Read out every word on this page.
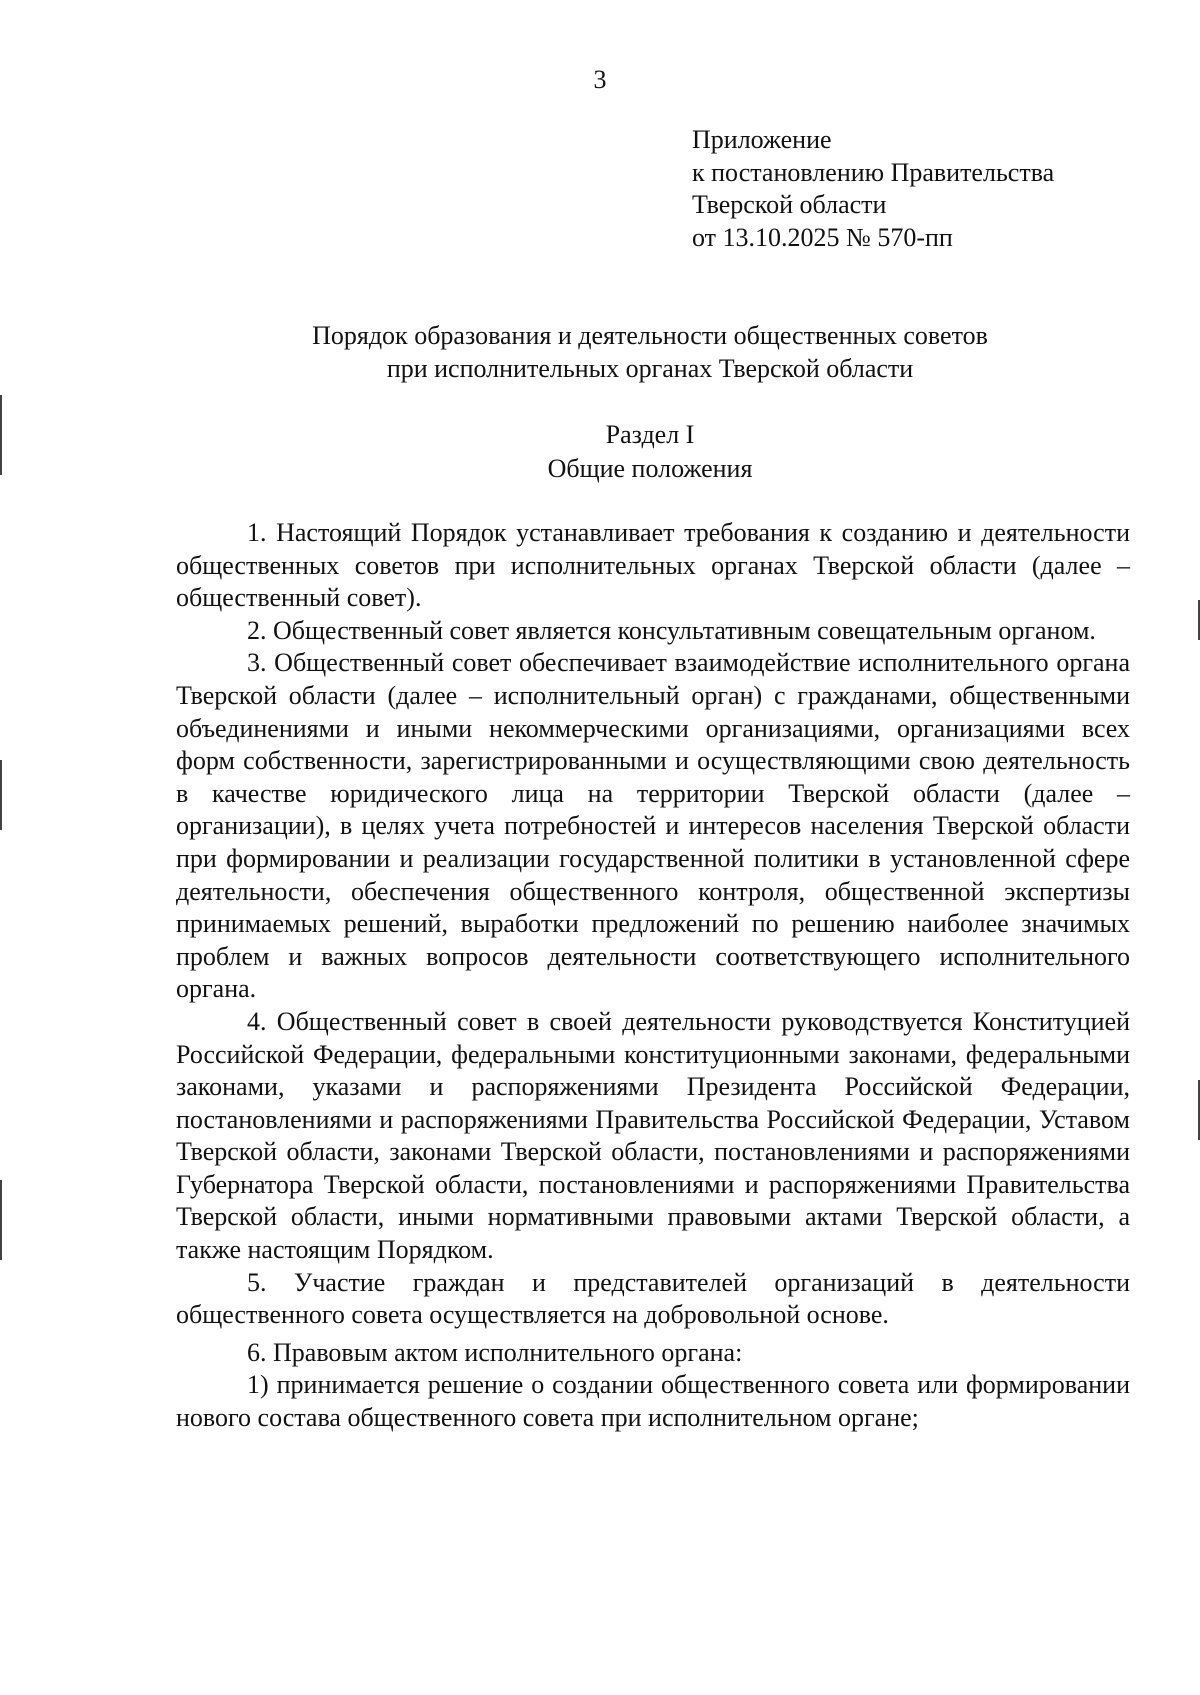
3
Приложение
к постановлению Правительства
Тверской области
от 13.10.2025 № 570-пп
Порядок образования и деятельности общественных советов
при исполнительных органах Тверской области
Раздел I
Общие положения

1. Настоящий Порядок устанавливает требования к созданию и деятельности общественных советов при исполнительных органах Тверской области (далее – общественный совет).

2. Общественный совет является консультативным совещательным органом.

3. Общественный совет обеспечивает взаимодействие исполнительного органа Тверской области (далее – исполнительный орган) с гражданами, общественными объединениями и иными некоммерческими организациями, организациями всех форм собственности, зарегистрированными и осуществляющими свою деятельность в качестве юридического лица на территории Тверской области (далее – организации), в целях учета потребностей и интересов населения Тверской области при формировании и реализации государственной политики в установленной сфере деятельности, обеспечения общественного контроля, общественной экспертизы принимаемых решений, выработки предложений по решению наиболее значимых проблем и важных вопросов деятельности соответствующего исполнительного органа.

4. Общественный совет в своей деятельности руководствуется Конституцией Российской Федерации, федеральными конституционными законами, федеральными законами, указами и распоряжениями Президента Российской Федерации, постановлениями и распоряжениями Правительства Российской Федерации, Уставом Тверской области, законами Тверской области, постановлениями и распоряжениями Губернатора Тверской области, постановлениями и распоряжениями Правительства Тверской области, иными нормативными правовыми актами Тверской области, а также настоящим Порядком.

5. Участие граждан и представителей организаций в деятельности общественного совета осуществляется на добровольной основе.

6. Правовым актом исполнительного органа:

1) принимается решение о создании общественного совета или формировании нового состава общественного совета при исполнительном органе;
